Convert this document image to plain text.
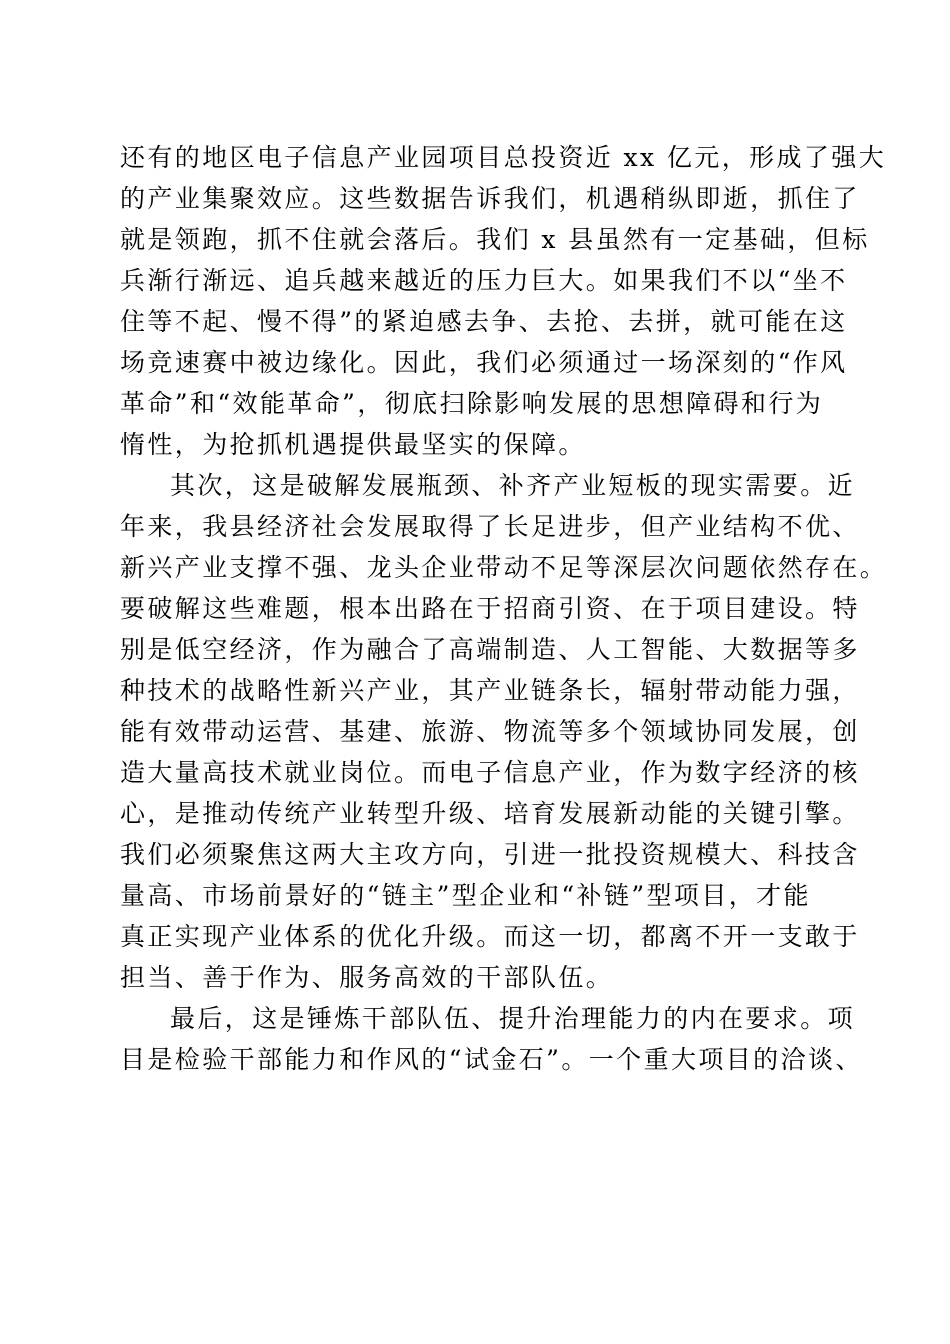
还有的地区电子信息产业园项目总投资近 xx 亿元，形成了强大
的产业集聚效应。这些数据告诉我们，机遇稍纵即逝，抓住了
就是领跑，抓不住就会落后。我们 x 县虽然有一定基础，但标
兵渐行渐远、追兵越来越近的压力巨大。如果我们不以“坐不
住等不起、慢不得”的紧迫感去争、去抢、去拼，就可能在这
场竞速赛中被边缘化。因此，我们必须通过一场深刻的“作风
革命”和“效能革命”，彻底扫除影响发展的思想障碍和行为
惰性，为抢抓机遇提供最坚实的保障。
其次，这是破解发展瓶颈、补齐产业短板的现实需要。近
年来，我县经济社会发展取得了长足进步，但产业结构不优、
新兴产业支撑不强、龙头企业带动不足等深层次问题依然存在。
要破解这些难题，根本出路在于招商引资、在于项目建设。特
别是低空经济，作为融合了高端制造、人工智能、大数据等多
种技术的战略性新兴产业，其产业链条长，辐射带动能力强，
能有效带动运营、基建、旅游、物流等多个领域协同发展，创
造大量高技术就业岗位。而电子信息产业，作为数字经济的核
心，是推动传统产业转型升级、培育发展新动能的关键引擎。
我们必须聚焦这两大主攻方向，引进一批投资规模大、科技含
量高、市场前景好的“链主”型企业和“补链”型项目，才能
真正实现产业体系的优化升级。而这一切，都离不开一支敢于
担当、善于作为、服务高效的干部队伍。
最后，这是锤炼干部队伍、提升治理能力的内在要求。项
目是检验干部能力和作风的“试金石”。一个重大项目的洽谈、
